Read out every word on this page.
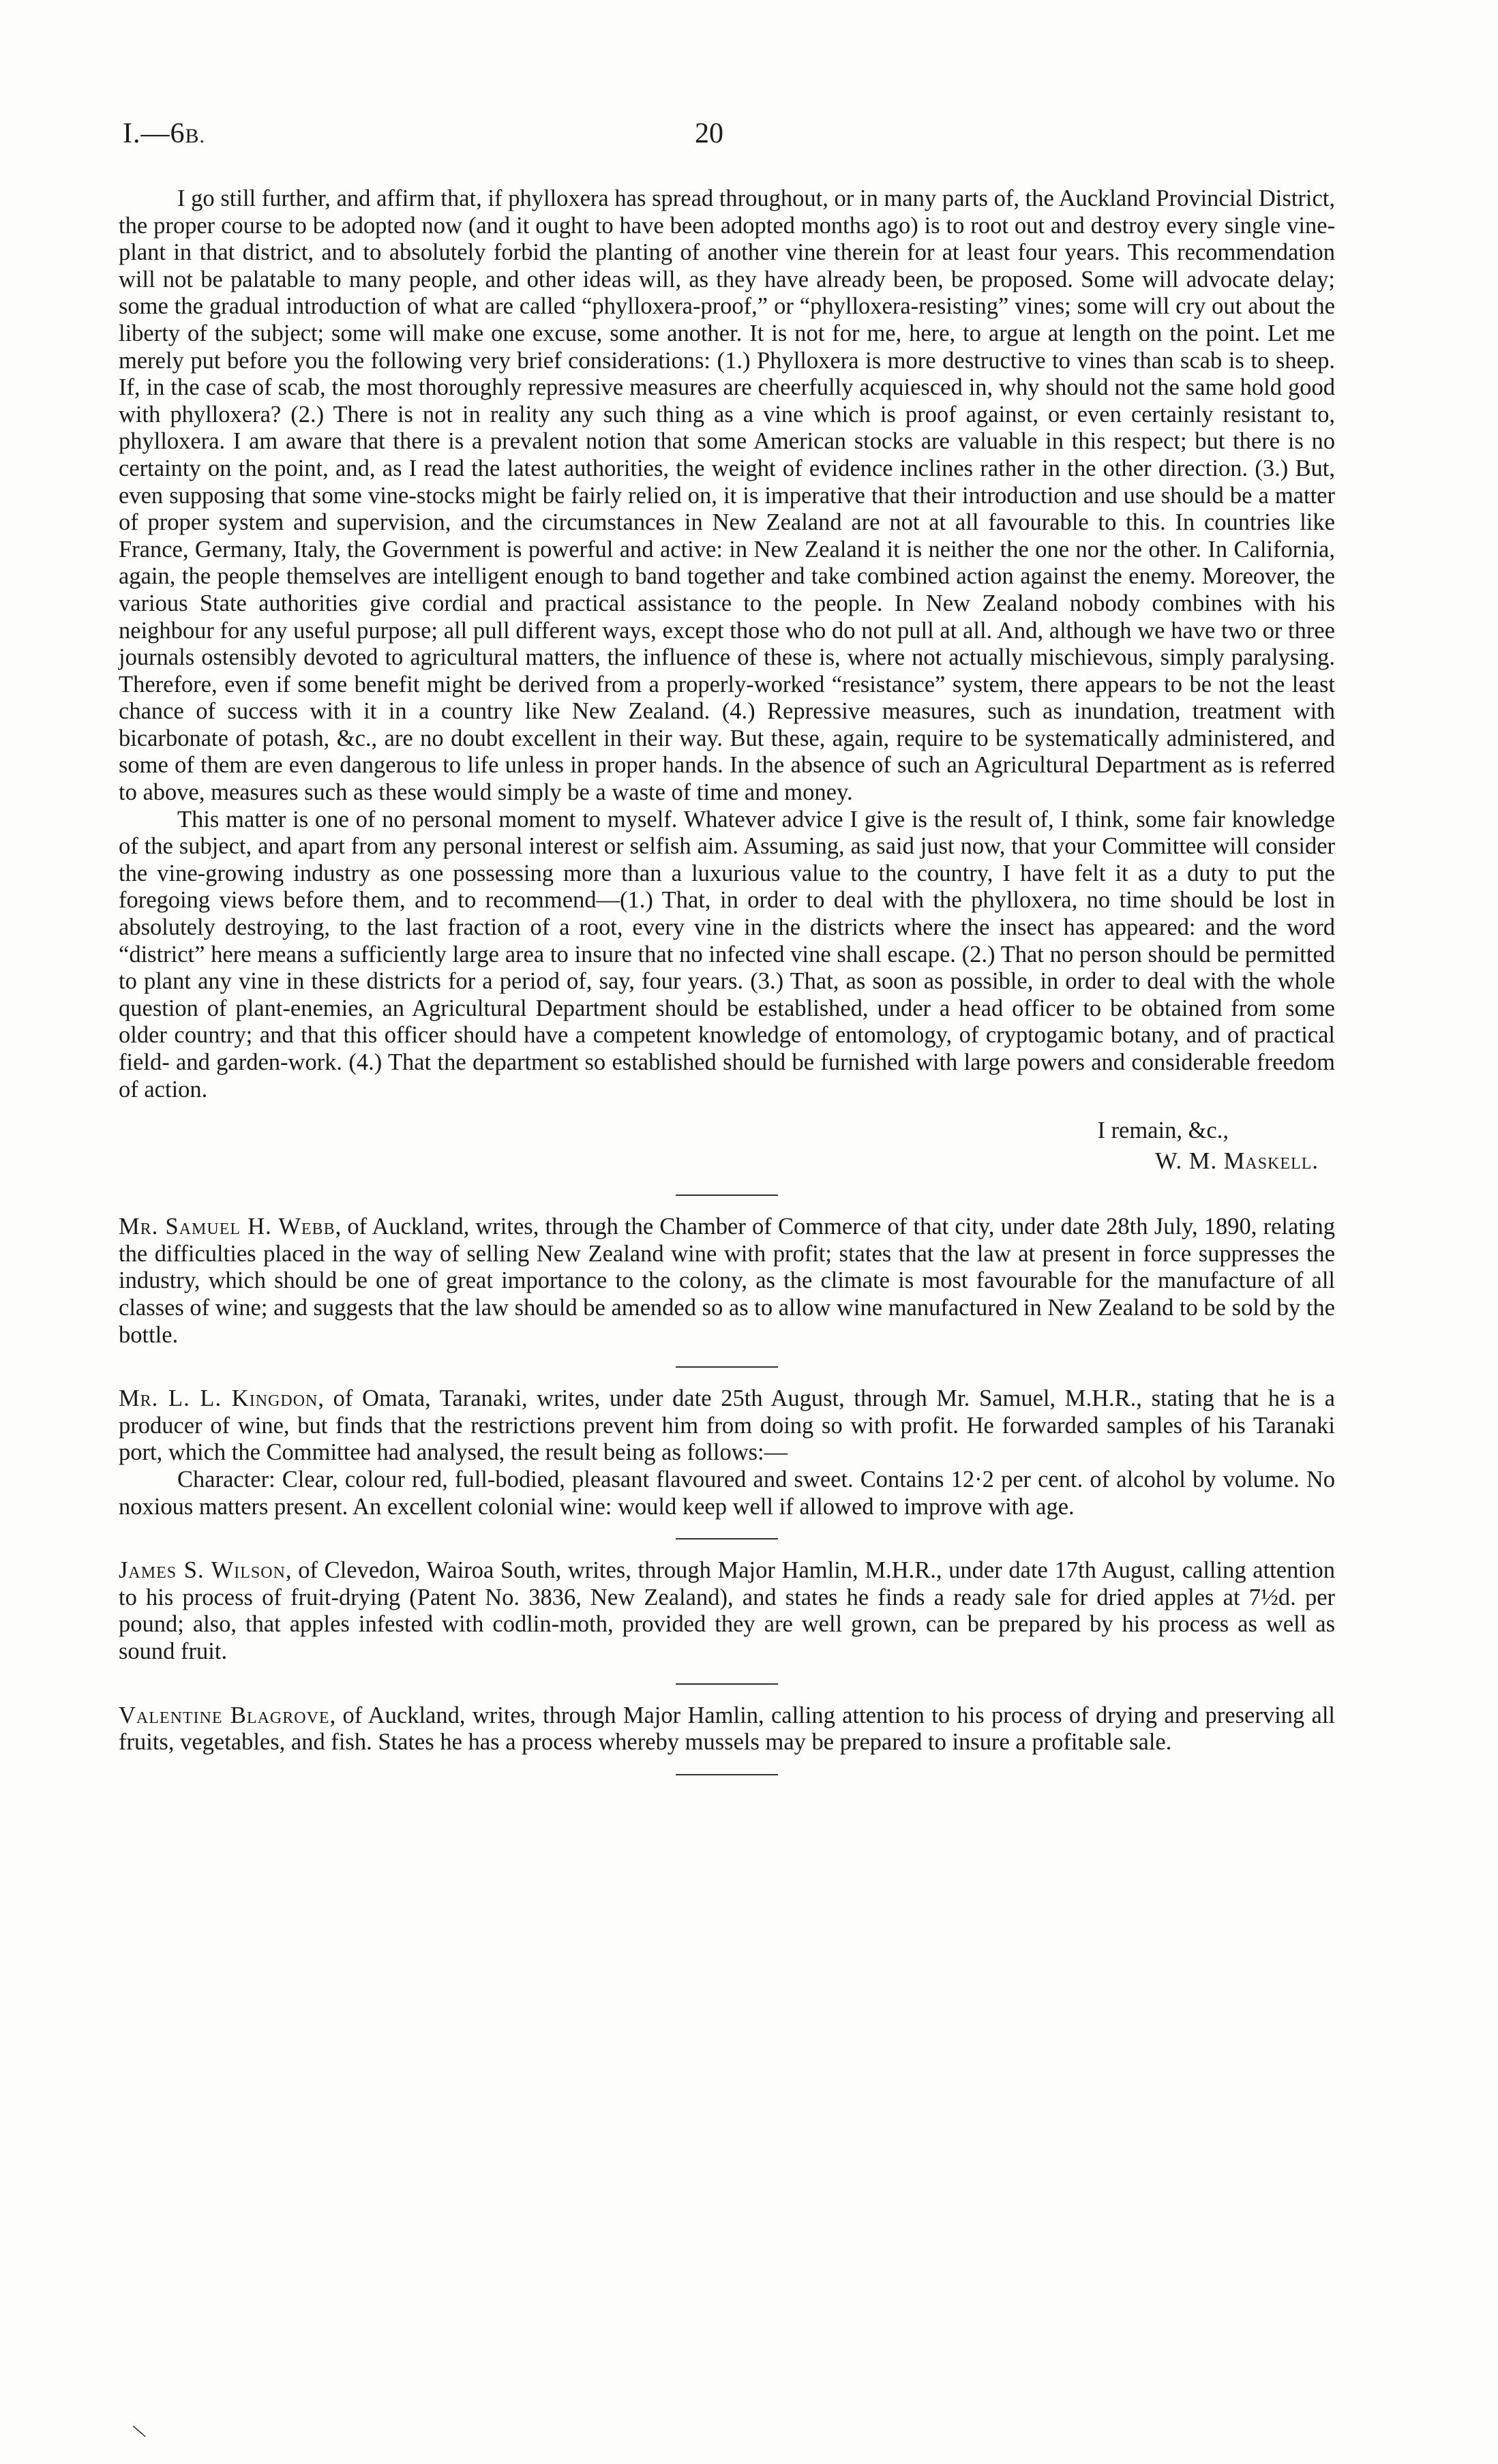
I.—6B.	20

I go still further, and affirm that, if phylloxera has spread throughout, or in many parts of, the Auckland Provincial District, the proper course to be adopted now (and it ought to have been adopted months ago) is to root out and destroy every single vine-plant in that district, and to absolutely forbid the planting of another vine therein for at least four years. This recommendation will not be palatable to many people, and other ideas will, as they have already been, be proposed. Some will advocate delay; some the gradual introduction of what are called “phylloxera-proof,” or “phylloxera-resisting” vines; some will cry out about the liberty of the subject; some will make one excuse, some another. It is not for me, here, to argue at length on the point. Let me merely put before you the following very brief considerations: (1.) Phylloxera is more destructive to vines than scab is to sheep. If, in the case of scab, the most thoroughly repressive measures are cheerfully acquiesced in, why should not the same hold good with phylloxera? (2.) There is not in reality any such thing as a vine which is proof against, or even certainly resistant to, phylloxera. I am aware that there is a prevalent notion that some American stocks are valuable in this respect; but there is no certainty on the point, and, as I read the latest authorities, the weight of evidence inclines rather in the other direction. (3.) But, even supposing that some vine-stocks might be fairly relied on, it is imperative that their introduction and use should be a matter of proper system and supervision, and the circumstances in New Zealand are not at all favourable to this. In countries like France, Germany, Italy, the Government is powerful and active: in New Zealand it is neither the one nor the other. In California, again, the people themselves are intelligent enough to band together and take combined action against the enemy. Moreover, the various State authorities give cordial and practical assistance to the people. In New Zealand nobody combines with his neighbour for any useful purpose; all pull different ways, except those who do not pull at all. And, although we have two or three journals ostensibly devoted to agricultural matters, the influence of these is, where not actually mischievous, simply paralysing. Therefore, even if some benefit might be derived from a properly-worked “resistance” system, there appears to be not the least chance of success with it in a country like New Zealand. (4.) Repressive measures, such as inundation, treatment with bicarbonate of potash, &c., are no doubt excellent in their way. But these, again, require to be systematically administered, and some of them are even dangerous to life unless in proper hands. In the absence of such an Agricultural Department as is referred to above, measures such as these would simply be a waste of time and money.

This matter is one of no personal moment to myself. Whatever advice I give is the result of, I think, some fair knowledge of the subject, and apart from any personal interest or selfish aim. Assuming, as said just now, that your Committee will consider the vine-growing industry as one possessing more than a luxurious value to the country, I have felt it as a duty to put the foregoing views before them, and to recommend—(1.) That, in order to deal with the phylloxera, no time should be lost in absolutely destroying, to the last fraction of a root, every vine in the districts where the insect has appeared: and the word “district” here means a sufficiently large area to insure that no infected vine shall escape. (2.) That no person should be permitted to plant any vine in these districts for a period of, say, four years. (3.) That, as soon as possible, in order to deal with the whole question of plant-enemies, an Agricultural Department should be established, under a head officer to be obtained from some older country; and that this officer should have a competent knowledge of entomology, of cryptogamic botany, and of practical field- and garden-work. (4.) That the department so established should be furnished with large powers and considerable freedom of action.

I remain, &c.,
W. M. Maskell.

Mr. Samuel H. Webb, of Auckland, writes, through the Chamber of Commerce of that city, under date 28th July, 1890, relating the difficulties placed in the way of selling New Zealand wine with profit; states that the law at present in force suppresses the industry, which should be one of great importance to the colony, as the climate is most favourable for the manufacture of all classes of wine; and suggests that the law should be amended so as to allow wine manufactured in New Zealand to be sold by the bottle.

Mr. L. L. Kingdon, of Omata, Taranaki, writes, under date 25th August, through Mr. Samuel, M.H.R., stating that he is a producer of wine, but finds that the restrictions prevent him from doing so with profit. He forwarded samples of his Taranaki port, which the Committee had analysed, the result being as follows:—

Character: Clear, colour red, full-bodied, pleasant flavoured and sweet. Contains 12·2 per cent. of alcohol by volume. No noxious matters present. An excellent colonial wine: would keep well if allowed to improve with age.

James S. Wilson, of Clevedon, Wairoa South, writes, through Major Hamlin, M.H.R., under date 17th August, calling attention to his process of fruit-drying (Patent No. 3836, New Zealand), and states he finds a ready sale for dried apples at 7½d. per pound; also, that apples infested with codlin-moth, provided they are well grown, can be prepared by his process as well as sound fruit.

Valentine Blagrove, of Auckland, writes, through Major Hamlin, calling attention to his process of drying and preserving all fruits, vegetables, and fish. States he has a process whereby mussels may be prepared to insure a profitable sale.

\
